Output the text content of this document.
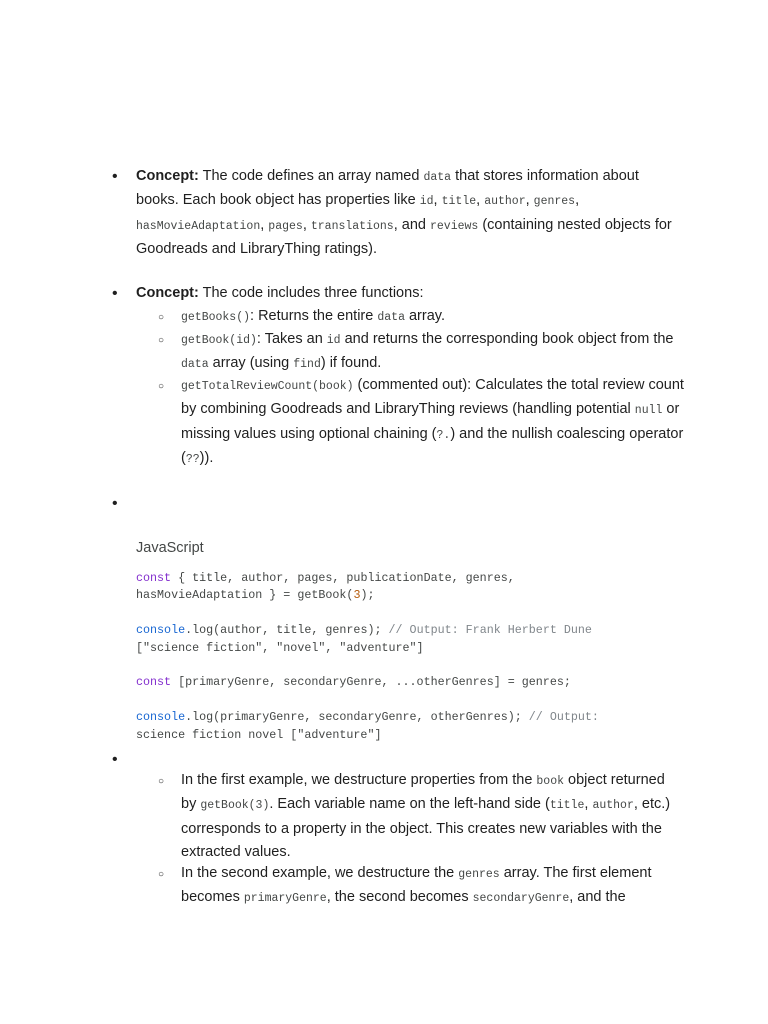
• Concept: The code defines an array named data that stores information about books. Each book object has properties like id, title, author, genres, hasMovieAdaptation, pages, translations, and reviews (containing nested objects for Goodreads and LibraryThing ratings).
• Concept: The code includes three functions:
○ getBooks(): Returns the entire data array.
○ getBook(id): Takes an id and returns the corresponding book object from the data array (using find) if found.
○ getTotalReviewCount(book) (commented out): Calculates the total review count by combining Goodreads and LibraryThing reviews (handling potential null or missing values using optional chaining (?.) and the nullish coalescing operator (??)).
•
JavaScript
const { title, author, pages, publicationDate, genres,
hasMovieAdaptation } = getBook(3);

console.log(author, title, genres); // Output: Frank Herbert Dune
["science fiction", "novel", "adventure"]

const [primaryGenre, secondaryGenre, ...otherGenres] = genres;

console.log(primaryGenre, secondaryGenre, otherGenres); // Output:
science fiction novel ["adventure"]
•
○ In the first example, we destructure properties from the book object returned by getBook(3). Each variable name on the left-hand side (title, author, etc.) corresponds to a property in the object. This creates new variables with the extracted values.
○ In the second example, we destructure the genres array. The first element becomes primaryGenre, the second becomes secondaryGenre, and the
